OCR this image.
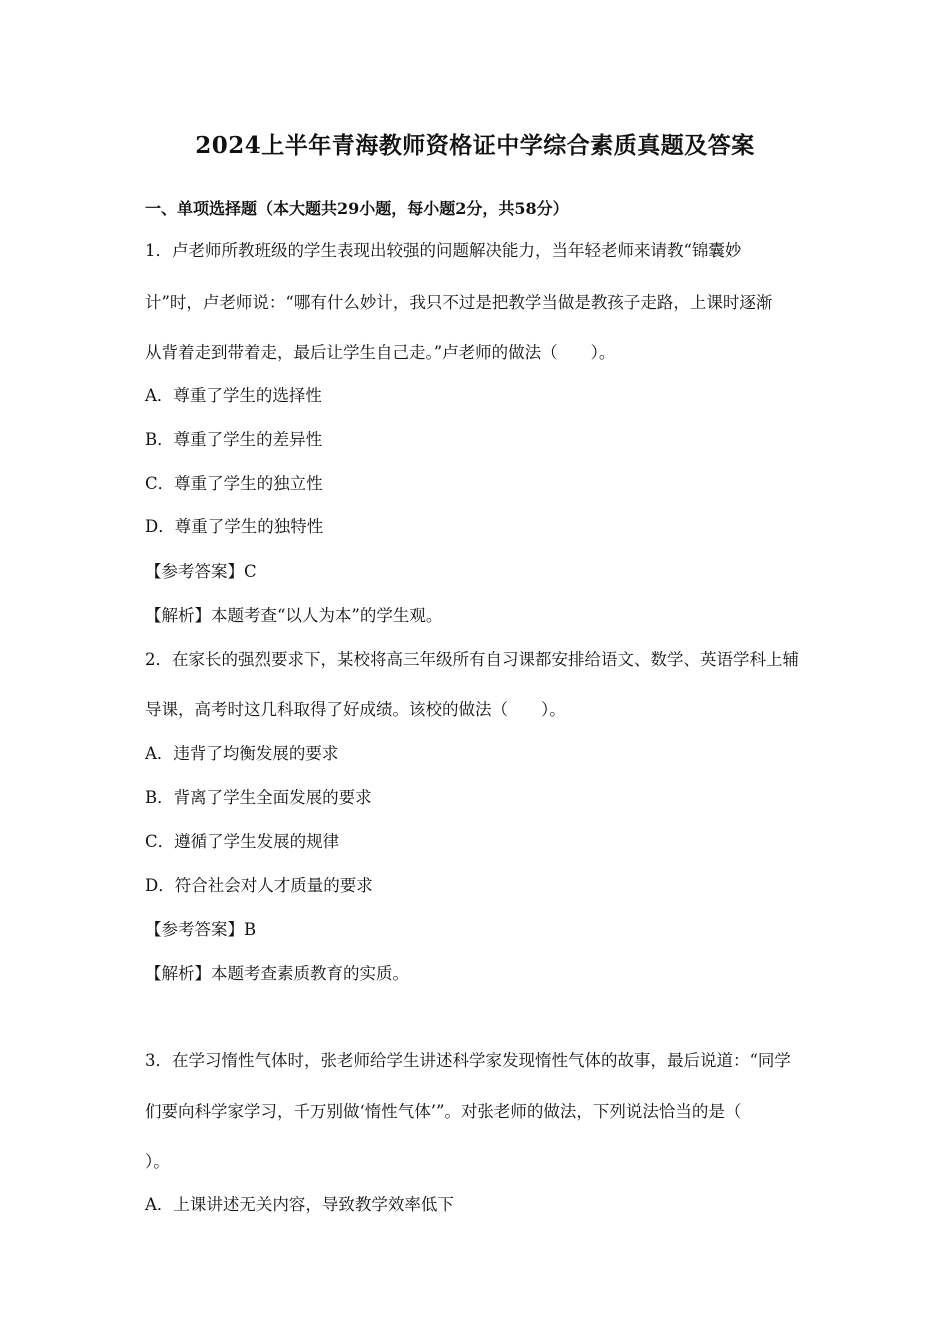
2024上半年青海教师资格证中学综合素质真题及答案
一、单项选择题（本大题共29小题，每小题2分，共58分）
1．卢老师所教班级的学生表现出较强的问题解决能力，当年轻老师来请教“锦囊妙
计”时，卢老师说：“哪有什么妙计，我只不过是把教学当做是教孩子走路，上课时逐渐
从背着走到带着走，最后让学生自己走。”卢老师的做法（　　）。
A．尊重了学生的选择性
B．尊重了学生的差异性
C．尊重了学生的独立性
D．尊重了学生的独特性
【参考答案】C
【解析】本题考查“以人为本”的学生观。
2．在家长的强烈要求下，某校将高三年级所有自习课都安排给语文、数学、英语学科上辅
导课，高考时这几科取得了好成绩。该校的做法（　　）。
A．违背了均衡发展的要求
B．背离了学生全面发展的要求
C．遵循了学生发展的规律
D．符合社会对人才质量的要求
【参考答案】B
【解析】本题考查素质教育的实质。
3．在学习惰性气体时，张老师给学生讲述科学家发现惰性气体的故事，最后说道：“同学
们要向科学家学习，千万别做‘惰性气体’”。对张老师的做法，下列说法恰当的是（
）。
A．上课讲述无关内容，导致教学效率低下
